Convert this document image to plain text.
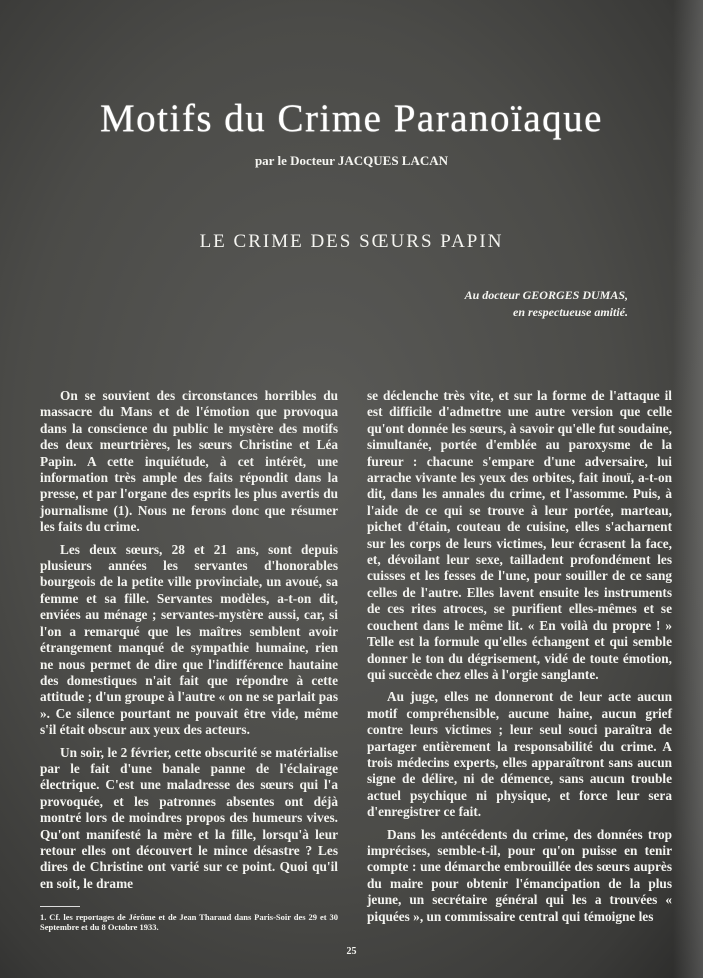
Motifs du Crime Paranoïaque
par le Docteur JACQUES LACAN
LE CRIME DES SŒURS PAPIN
Au docteur GEORGES DUMAS,
en respectueuse amitié.

On se souvient des circonstances horribles du massacre du Mans et de l'émotion que provoqua dans la conscience du public le mystère des motifs des deux meurtrières, les sœurs Christine et Léa Papin. A cette inquiétude, à cet intérêt, une information très ample des faits répondit dans la presse, et par l'organe des esprits les plus avertis du journalisme (1). Nous ne ferons donc que résumer les faits du crime.

Les deux sœurs, 28 et 21 ans, sont depuis plusieurs années les servantes d'honorables bourgeois de la petite ville provinciale, un avoué, sa femme et sa fille. Servantes modèles, a-t-on dit, enviées au ménage ; servantes-mystère aussi, car, si l'on a remarqué que les maîtres semblent avoir étrangement manqué de sympathie humaine, rien ne nous permet de dire que l'indifférence hautaine des domestiques n'ait fait que répondre à cette attitude ; d'un groupe à l'autre « on ne se parlait pas ». Ce silence pourtant ne pouvait être vide, même s'il était obscur aux yeux des acteurs.

Un soir, le 2 février, cette obscurité se matérialise par le fait d'une banale panne de l'éclairage électrique. C'est une maladresse des sœurs qui l'a provoquée, et les patronnes absentes ont déjà montré lors de moindres propos des humeurs vives. Qu'ont manifesté la mère et la fille, lorsqu'à leur retour elles ont découvert le mince désastre ? Les dires de Christine ont varié sur ce point. Quoi qu'il en soit, le drame

1. Cf. les reportages de Jérôme et de Jean Tharaud dans Paris-Soir des 29 et 30 Septembre et du 8 Octobre 1933.

se déclenche très vite, et sur la forme de l'attaque il est difficile d'admettre une autre version que celle qu'ont donnée les sœurs, à savoir qu'elle fut soudaine, simultanée, portée d'emblée au paroxysme de la fureur : chacune s'empare d'une adversaire, lui arrache vivante les yeux des orbites, fait inouï, a-t-on dit, dans les annales du crime, et l'assomme. Puis, à l'aide de ce qui se trouve à leur portée, marteau, pichet d'étain, couteau de cuisine, elles s'acharnent sur les corps de leurs victimes, leur écrasent la face, et, dévoilant leur sexe, tailladent profondément les cuisses et les fesses de l'une, pour souiller de ce sang celles de l'autre. Elles lavent ensuite les instruments de ces rites atroces, se purifient elles-mêmes et se couchent dans le même lit. « En voilà du propre ! » Telle est la formule qu'elles échangent et qui semble donner le ton du dégrisement, vidé de toute émotion, qui succède chez elles à l'orgie sanglante.

Au juge, elles ne donneront de leur acte aucun motif compréhensible, aucune haine, aucun grief contre leurs victimes ; leur seul souci paraîtra de partager entièrement la responsabilité du crime. A trois médecins experts, elles apparaîtront sans aucun signe de délire, ni de démence, sans aucun trouble actuel psychique ni physique, et force leur sera d'enregistrer ce fait.

Dans les antécédents du crime, des données trop imprécises, semble-t-il, pour qu'on puisse en tenir compte : une démarche embrouillée des sœurs auprès du maire pour obtenir l'émancipation de la plus jeune, un secrétaire général qui les a trouvées « piquées », un commissaire central qui témoigne les

25
